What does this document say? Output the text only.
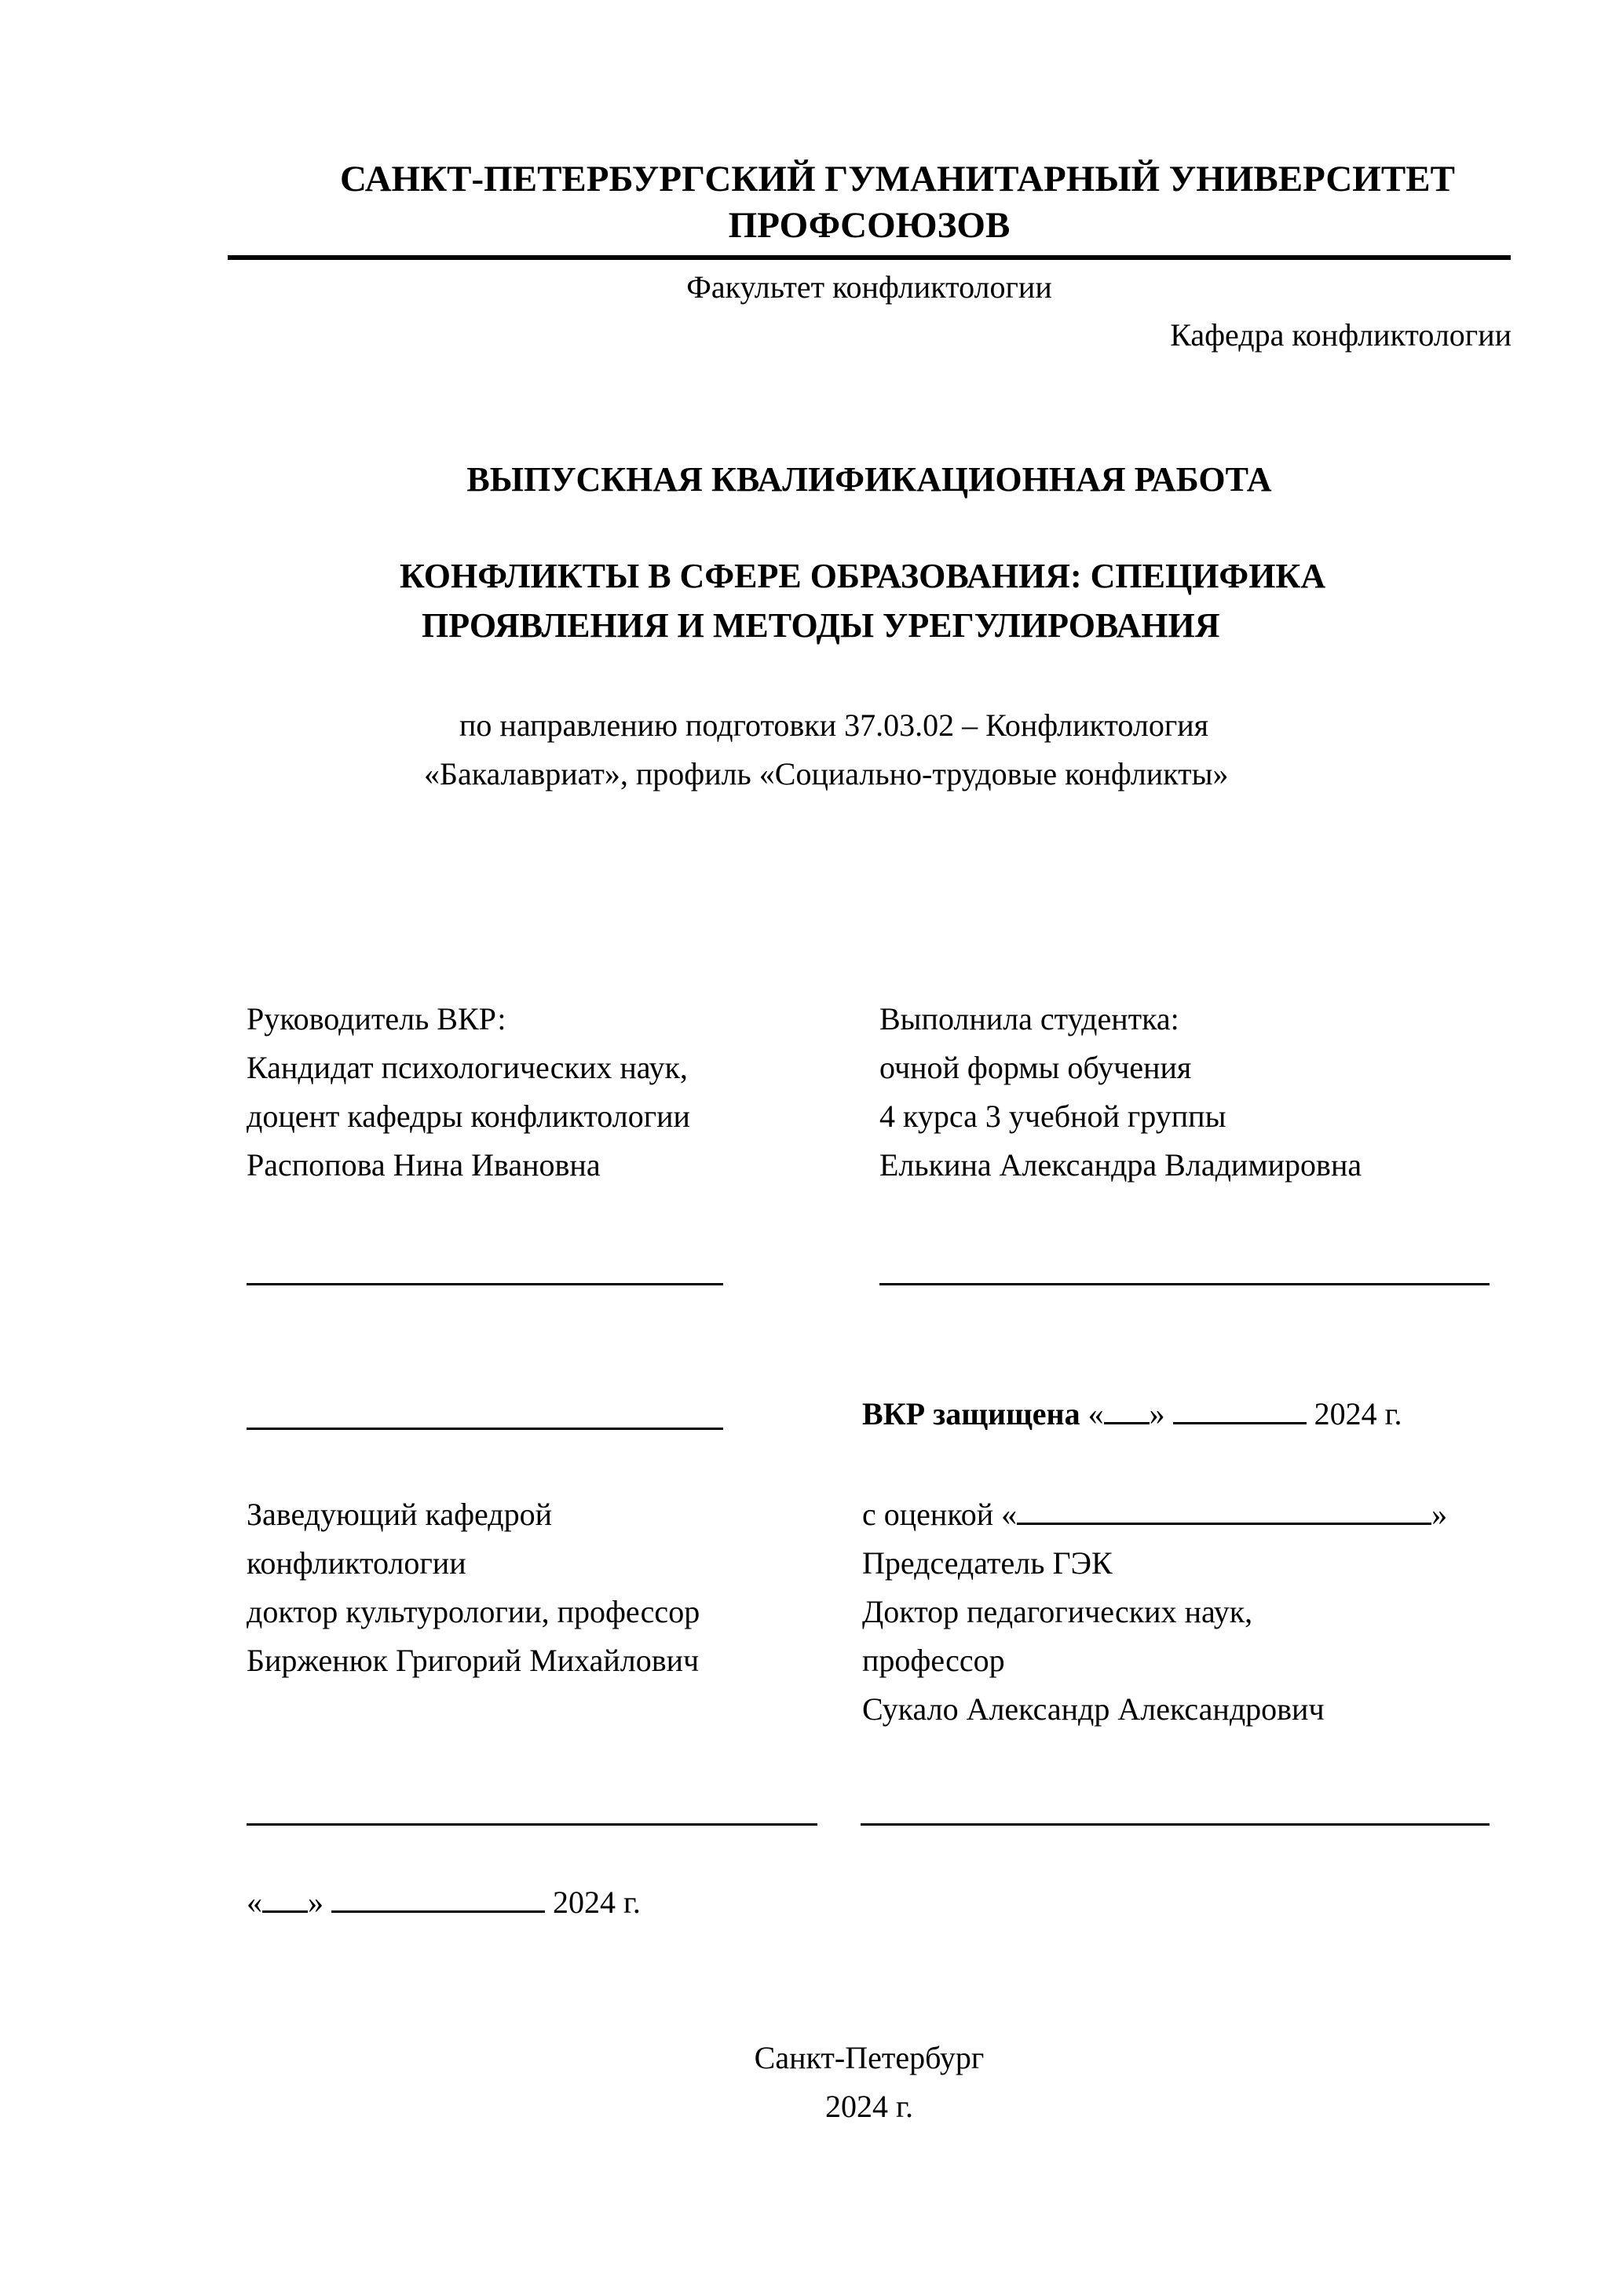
САНКТ-ПЕТЕРБУРГСКИЙ ГУМАНИТАРНЫЙ УНИВЕРСИТЕТ
ПРОФСОЮЗОВ
Факультет конфликтологии
Кафедра конфликтологии
ВЫПУСКНАЯ КВАЛИФИКАЦИОННАЯ РАБОТА
КОНФЛИКТЫ В СФЕРЕ ОБРАЗОВАНИЯ: СПЕЦИФИКА
ПРОЯВЛЕНИЯ И МЕТОДЫ УРЕГУЛИРОВАНИЯ
по направлению подготовки 37.03.02 – Конфликтология
«Бакалавриат», профиль «Социально-трудовые конфликты»
Руководитель ВКР:
Кандидат психологических наук,
доцент кафедры конфликтологии
Распопова Нина Ивановна
Выполнила студентка:
очной формы обучения
4 курса 3 учебной группы
Елькина Александра Владимировна
ВКР защищена « »	2024 г.
Заведующий кафедрой
конфликтологии
доктор культурологии, профессор
Бирженюк Григорий Михайлович
с оценкой «	»
Председатель ГЭК
Доктор педагогических наук,
профессор
Сукало Александр Александрович
« »	2024 г.
Санкт-Петербург
2024 г.
